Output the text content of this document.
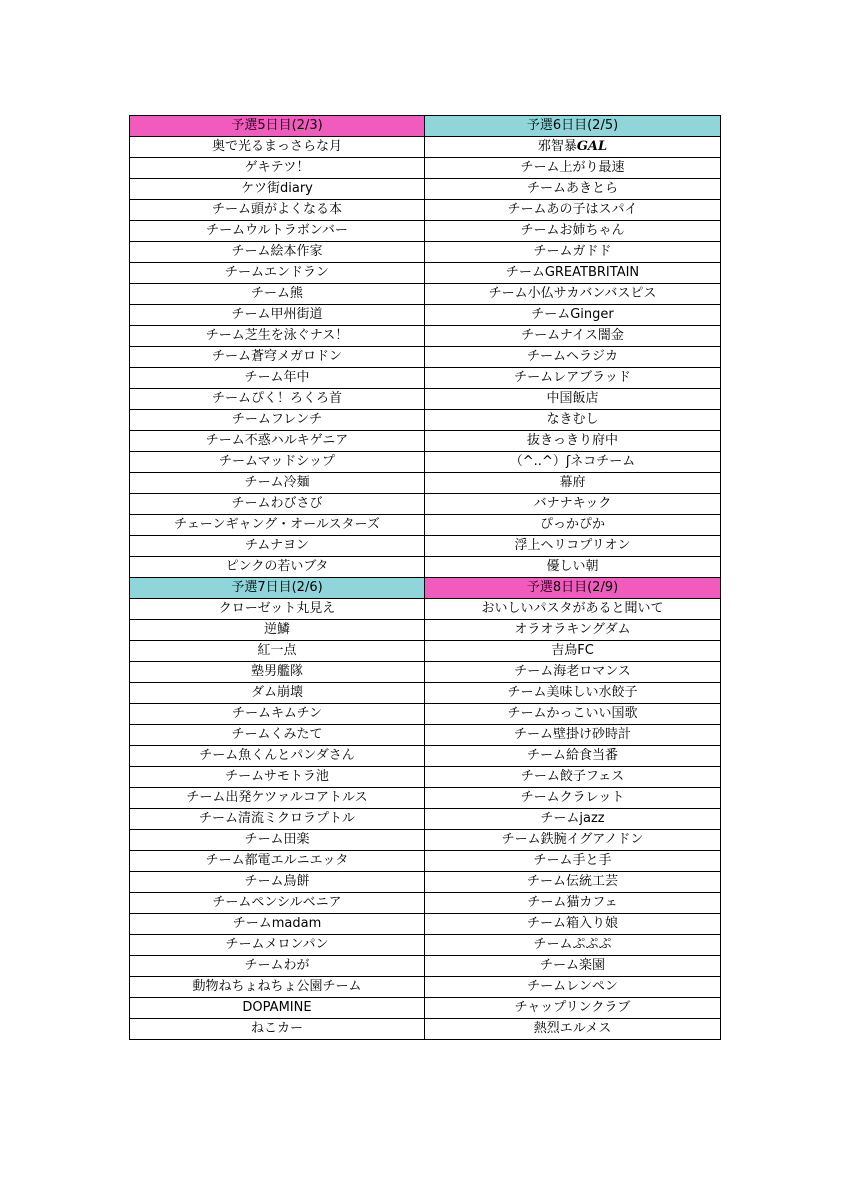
予選5日目(2/3)	予選6日目(2/5)
奥で光るまっさらな月	邪智暴GAL
ゲキテツ！	チーム上がり最速
ケツ街diary	チームあきとら
チーム頭がよくなる本	チームあの子はスパイ
チームウルトラボンバー	チームお姉ちゃん
チーム絵本作家	チームガドド
チームエンドラン	チームGREATBRITAIN
チーム熊	チーム小仏サカバンバスピス
チーム甲州街道	チームGinger
チーム芝生を泳ぐナス！	チームナイス闇金
チーム蒼穹メガロドン	チームヘラジカ
チーム年中	チームレアブラッド
チームぴく！ろくろ首	中国飯店
チームフレンチ	なきむし
チーム不惑ハルキゲニア	抜きっきり府中
チームマッドシップ	（^..^）ʃネコチーム
チーム冷麺	幕府
チームわびさび	バナナキック
チェーンギャング・オールスターズ	ぴっかぴか
チムナヨン	浮上ヘリコプリオン
ピンクの若いブタ	優しい朝
予選7日目(2/6)	予選8日目(2/9)
クローゼット丸見え	おいしいパスタがあると聞いて
逆鱗	オラオラキングダム
紅一点	吉鳥FC
塾男艦隊	チーム海老ロマンス
ダム崩壊	チーム美味しい水餃子
チームキムチン	チームかっこいい国歌
チームくみたて	チーム壁掛け砂時計
チーム魚くんとパンダさん	チーム給食当番
チームサモトラ池	チーム餃子フェス
チーム出発ケツァルコアトルス	チームクラレット
チーム清流ミクロラプトル	チームjazz
チーム田楽	チーム鉄腕イグアノドン
チーム都電エルニエッタ	チーム手と手
チーム鳥餅	チーム伝統工芸
チームペンシルベニア	チーム猫カフェ
チームmadam	チーム箱入り娘
チームメロンパン	チームぷぷぷ
チームわが	チーム楽園
動物ねちょねちょ公園チーム	チームレンペン
DOPAMINE	チャップリンクラブ
ねこカー	熱烈エルメス
